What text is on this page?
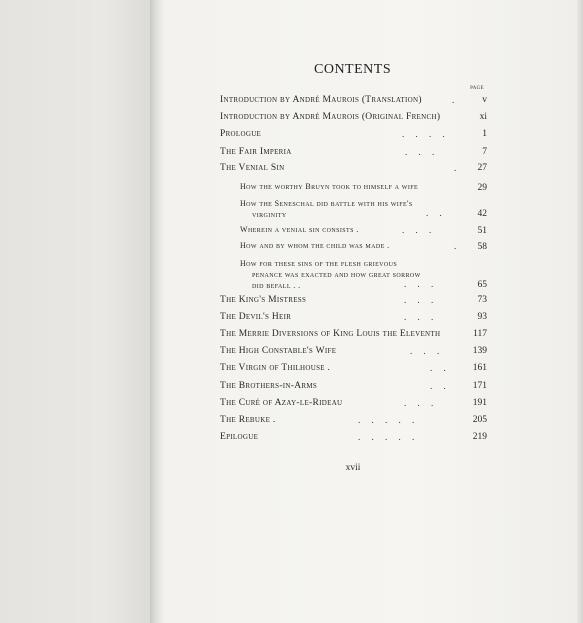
CONTENTS
PAGE
Introduction by André Maurois (Translation)	.	v
Introduction by André Maurois (Original French)	xi
Prologue	.     .     .     .	1
The Fair Imperia	.     .     .	7
The Venial Sin	.	27
How the worthy Bruyn took to himself a wife	29
How the Seneschal did battle with his wife's
virginity	.     .	42
Wherein a venial sin consists .	.     .     .	51
How and by whom the child was made .	.	58
How for these sins of the flesh grievous
penance was exacted and how great sorrow
did befall . .	.     .     .	65
The King's Mistress	.     .     .	73
The Devil's Heir	.     .     .	93
The Merrie Diversions of King Louis the Eleventh	117
The High Constable's Wife	.     .     .	139
The Virgin of Thilhouse .	.     .	161
The Brothers-in-Arms	.     .	171
The Curé of Azay-le-Rideau	.     .     .	191
The Rebuke .	.     .     .     .     .	205
Epilogue	.     .     .     .     .	219
xvii
